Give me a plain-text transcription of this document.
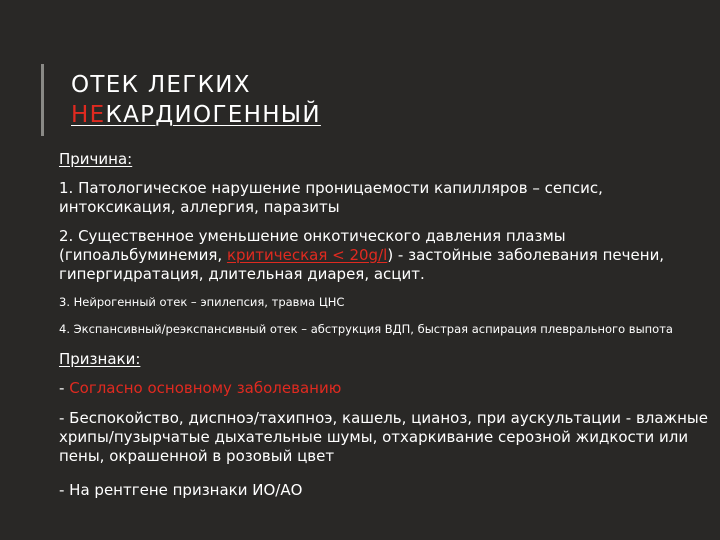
ОТЕК ЛЕГКИХ
НЕКАРДИОГЕННЫЙ

Причина:

1. Патологическое нарушение проницаемости капилляров – сепсис, интоксикация, аллергия, паразиты

2. Существенное уменьшение онкотического давления плазмы (гипоальбуминемия, критическая < 20g/l) - застойные заболевания печени, гипергидратация, длительная диарея, асцит.

3. Нейрогенный отек – эпилепсия, травма ЦНС

4. Экспансивный/реэкспансивный отек – абструкция ВДП, быстрая аспирация плеврального выпота

Признаки:

- Согласно основному заболеванию

- Беспокойство, диспноэ/тахипноэ, кашель, цианоз, при аускультации - влажные хрипы/пузырчатые дыхательные шумы, отхаркивание серозной жидкости или пены, окрашенной в розовый цвет

- На рентгене признаки ИО/АО
